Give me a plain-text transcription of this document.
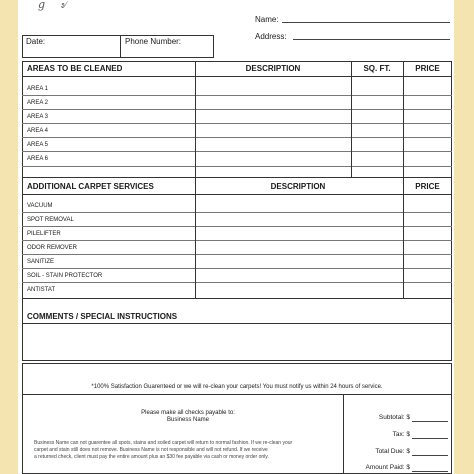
g ৶
Name:
Address:
Date:	Phone Number:
AREAS TO BE CLEANED	DESCRIPTION	SQ. FT.	PRICE
AREA 1
AREA 2
AREA 3
AREA 4
AREA 5
AREA 6
ADDITIONAL CARPET SERVICES	DESCRIPTION	PRICE
VACUUM
SPOT REMOVAL
PILELIFTER
ODOR REMOVER
SANITIZE
SOIL - STAIN PROTECTOR
ANTISTAT
COMMENTS / SPECIAL INSTRUCTIONS
*100% Satisfaction Guarenteed or we will re-clean your carpets! You must notify us within 24 hours of service.
Please make all checks payable to:
Business Name
Business Name can not guarentee all spots, stains and soiled carpet will return to normal fashion. If we re-clean your
carpet and stain still does not remove. Business Name is not responsible and will not refund. If we receive
a returned check, client must pay the entire amount plus an $30 fee payable via cash or money order only.
Subtotal: $
Tax: $
Total Due: $
Amount Paid: $
